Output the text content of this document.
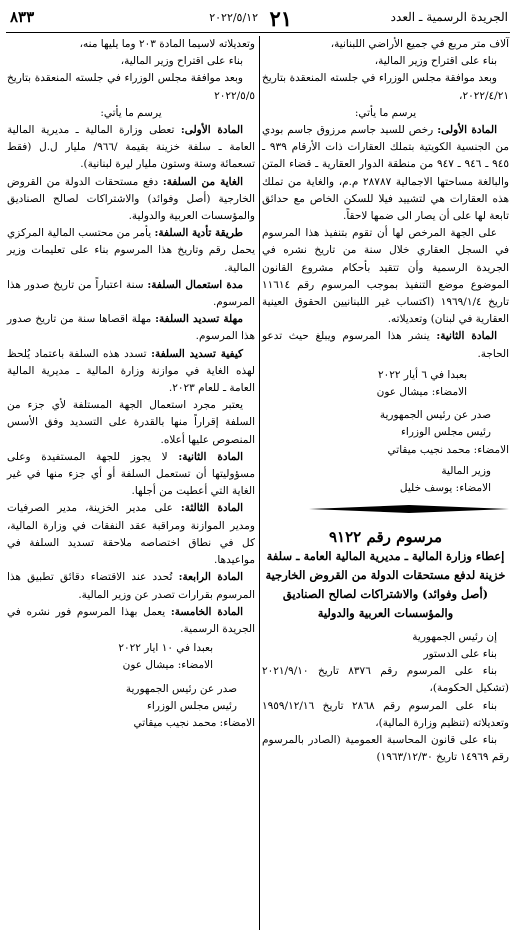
الجريدة الرسمية ـ العدد
٢١
٢٠٢٢/٥/١٢
٨٣٣

آلاف متر مربع في جميع الأراضي اللبنانية،

بناء على اقتراح وزير المالية،

وبعد موافقة مجلس الوزراء في جلسته المنعقدة بتاريخ ٢٠٢٢/٤/٢١،

يرسم ما يأتي:

المادة الأولى: رخص للسيد جاسم مرزوق جاسم بودي من الجنسية الكويتية بتملك العقارات ذات الأرقام ٩٣٩ ـ ٩٤٥ ـ ٩٤٦ ـ ٩٤٧ من منطقة الدوار العقارية ـ قضاء المتن والبالغة مساحتها الاجمالية ٢٨٧٨٧ م.م، والغاية من تملك هذه العقارات هي لتشييد فيلا للسكن الخاص مع حدائق تابعة لها على أن يصار الى ضمها لاحقاً.

على الجهة المرخص لها أن تقوم بتنفيذ هذا المرسوم في السجل العقاري خلال سنة من تاريخ نشره في الجريدة الرسمية وأن تتقيد بأحكام مشروع القانون الموضوع موضع التنفيذ بموجب المرسوم رقم ١١٦١٤ تاريخ ١٩٦٩/١/٤ (اكتساب غير اللبنانيين الحقوق العينية العقارية في لبنان) وتعديلاته.

المادة الثانية: ينشر هذا المرسوم ويبلغ حيث تدعو الحاجة.

بعبدا في ٦ أيار ٢٠٢٢

الامضاء: ميشال عون

صدر عن رئيس الجمهورية

رئيس مجلس الوزراء

الامضاء: محمد نجيب ميقاتي

وزير المالية

الامضاء: يوسف خليل

مرسوم رقم ٩١٢٢

إعطاء وزارة المالية ـ مديرية المالية العامة ـ سلفة خزينة لدفع مستحقات الدولة من القروض الخارجية (أصل وفوائد) والاشتراكات لصالح الصناديق والمؤسسات العربية والدولية

إن رئيس الجمهورية

بناء على الدستور

بناء على المرسوم رقم ٨٣٧٦ تاريخ ٢٠٢١/٩/١٠ (تشكيل الحكومة)،

بناء على المرسوم رقم ٢٨٦٨ تاريخ ١٩٥٩/١٢/١٦ وتعديلاته (تنظيم وزارة المالية)،

بناء على قانون المحاسبة العمومية (الصادر بالمرسوم رقم ١٤٩٦٩ تاريخ ١٩٦٣/١٢/٣٠)

وتعديلاته لاسيما المادة ٢٠٣ وما يليها منه،

بناء على اقتراح وزير المالية،

وبعد موافقة مجلس الوزراء في جلسته المنعقدة بتاريخ ٢٠٢٢/٥/٥

يرسم ما يأتي:

المادة الأولى: تعطى وزارة المالية ـ مديرية المالية العامة ـ سلفة خزينة بقيمة /٩٦٦/ مليار ل.ل (فقط تسعمائة وستة وستون مليار ليرة لبنانية).

الغاية من السلفة: دفع مستحقات الدولة من القروض الخارجية (أصل وفوائد) والاشتراكات لصالح الصناديق والمؤسسات العربية والدولية.

طريقة تأدية السلفة: يأمر من محتسب المالية المركزي يحمل رقم وتاريخ هذا المرسوم بناء على تعليمات وزير المالية.

مدة استعمال السلفة: سنة اعتباراً من تاريخ صدور هذا المرسوم.

مهلة تسديد السلفة: مهلة اقصاها سنة من تاريخ صدور هذا المرسوم.

كيفية تسديد السلفة: تسدد هذه السلفة باعتماد يُلحظ لهذه الغاية في موازنة وزارة المالية ـ مديرية المالية العامة ـ للعام ٢٠٢٣.

يعتبر مجرد استعمال الجهة المستلفة لأي جزء من السلفة إقراراً منها بالقدرة على التسديد وفق الأسس المنصوص عليها أعلاه.

المادة الثانية: لا يجوز للجهة المستفيدة وعلى مسؤوليتها أن تستعمل السلفة أو أي جزء منها في غير الغاية التي أعطيت من أجلها.

المادة الثالثة: على مدير الخزينة، مدير الصرفيات ومدير الموازنة ومراقبة عقد النفقات في وزارة المالية، كل في نطاق اختصاصه ملاحقة تسديد السلفة في مواعيدها.

المادة الرابعة: تُحدد عند الاقتضاء دقائق تطبيق هذا المرسوم بقرارات تصدر عن وزير المالية.

المادة الخامسة: يعمل بهذا المرسوم فور نشره في الجريدة الرسمية.

بعبدا في ١٠ ايار ٢٠٢٢

الامضاء: ميشال عون

صدر عن رئيس الجمهورية

رئيس مجلس الوزراء

الامضاء: محمد نجيب ميقاتي
